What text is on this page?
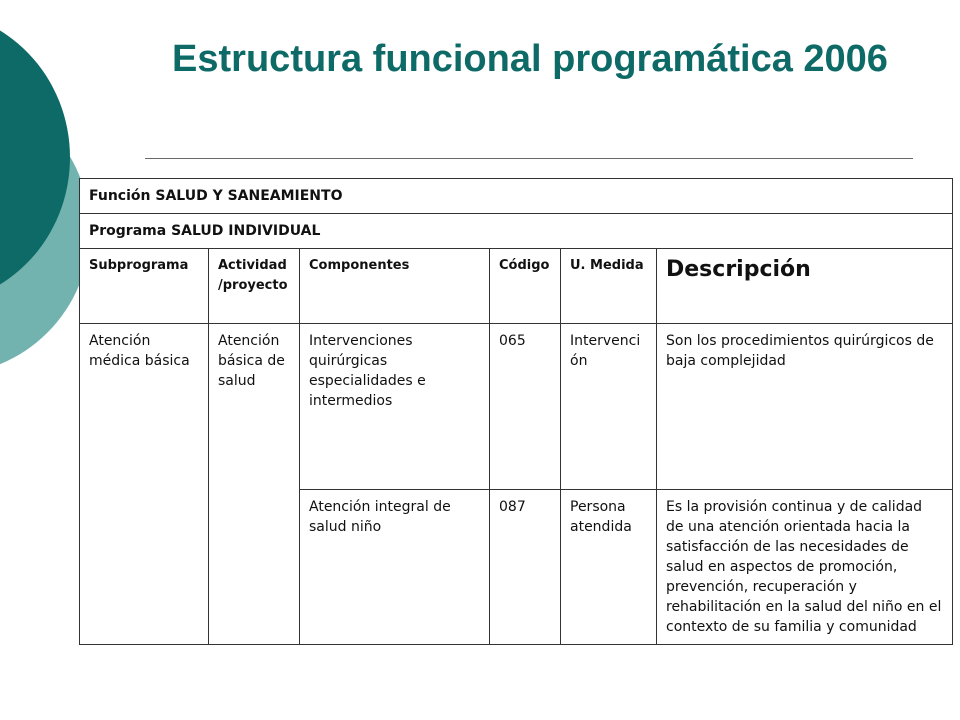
Estructura funcional programática 2006
Función SALUD Y SANEAMIENTO					
Programa SALUD INDIVIDUAL					
Subprograma	Actividad/proyecto	Componentes	Código	U. Medida	Descripción
Atención médica básica	Atención básica de salud	Intervenciones quirúrgicas especialidades e intermedios	065	Intervención	Son los procedimientos quirúrgicos de baja complejidad
		Atención integral de salud niño	087	Persona atendida	Es la provisión continua y de calidad de una atención orientada hacia la satisfacción de las necesidades de salud en aspectos de promoción, prevención, recuperación y rehabilitación en la salud del niño en el contexto de su familia y comunidad
